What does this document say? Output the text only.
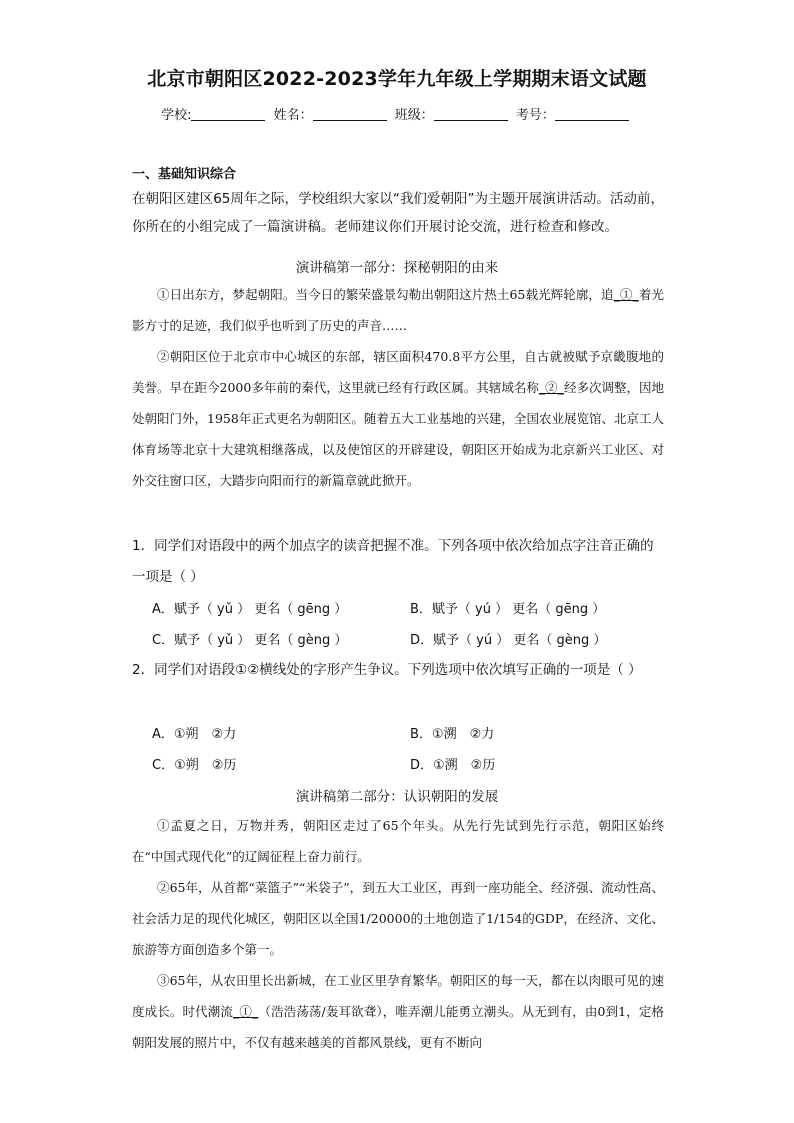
北京市朝阳区2022-2023学年九年级上学期期末语文试题
学校:	姓名：	班级：	考号：
一、基础知识综合
在朝阳区建区65周年之际，学校组织大家以“我们爱朝阳”为主题开展演讲活动。活动前，你所在的小组完成了一篇演讲稿。老师建议你们开展讨论交流，进行检查和修改。
演讲稿第一部分：探秘朝阳的由来
①日出东方，梦起朝阳。当今日的繁荣盛景勾勒出朝阳这片热土65载光辉轮廓，追_①_着光影方寸的足迹，我们似乎也听到了历史的声音……
②朝阳区位于北京市中心城区的东部，辖区面积470.8平方公里，自古就被赋予京畿腹地的美誉。早在距今2000多年前的秦代，这里就已经有行政区属。其辖域名称_②_经多次调整，因地处朝阳门外，1958年正式更名为朝阳区。随着五大工业基地的兴建，全国农业展览馆、北京工人体育场等北京十大建筑相继落成，以及使馆区的开辟建设，朝阳区开始成为北京新兴工业区、对外交往窗口区，大踏步向阳而行的新篇章就此掀开。
1．同学们对语段中的两个加点字的读音把握不准。下列各项中依次给加点字注音正确的一项是（ ）
A．赋予（ yǔ ） 更名（ gēng ）	B．赋予（ yú ） 更名（ gēng ）
C．赋予（ yǔ ） 更名（ gèng ）	D．赋予（ yú ） 更名（ gèng ）
2．同学们对语段①②横线处的字形产生争议。下列选项中依次填写正确的一项是（ ）
A．①朔　②力	B．①溯　②力
C．①朔　②历	D．①溯　②历
演讲稿第二部分：认识朝阳的发展
①孟夏之日，万物并秀，朝阳区走过了65个年头。从先行先试到先行示范，朝阳区始终在“中国式现代化”的辽阔征程上奋力前行。
②65年，从首都“菜篮子”“米袋子”，到五大工业区，再到一座功能全、经济强、流动性高、社会活力足的现代化城区，朝阳区以全国1/20000的土地创造了1/154的GDP，在经济、文化、旅游等方面创造多个第一。
③65年，从农田里长出新城，在工业区里孕育繁华。朝阳区的每一天，都在以肉眼可见的速度成长。时代潮流_①_（浩浩荡荡/轰耳欲聋），唯弄潮儿能勇立潮头。从无到有，由0到1，定格朝阳发展的照片中，不仅有越来越美的首都风景线，更有不断向
